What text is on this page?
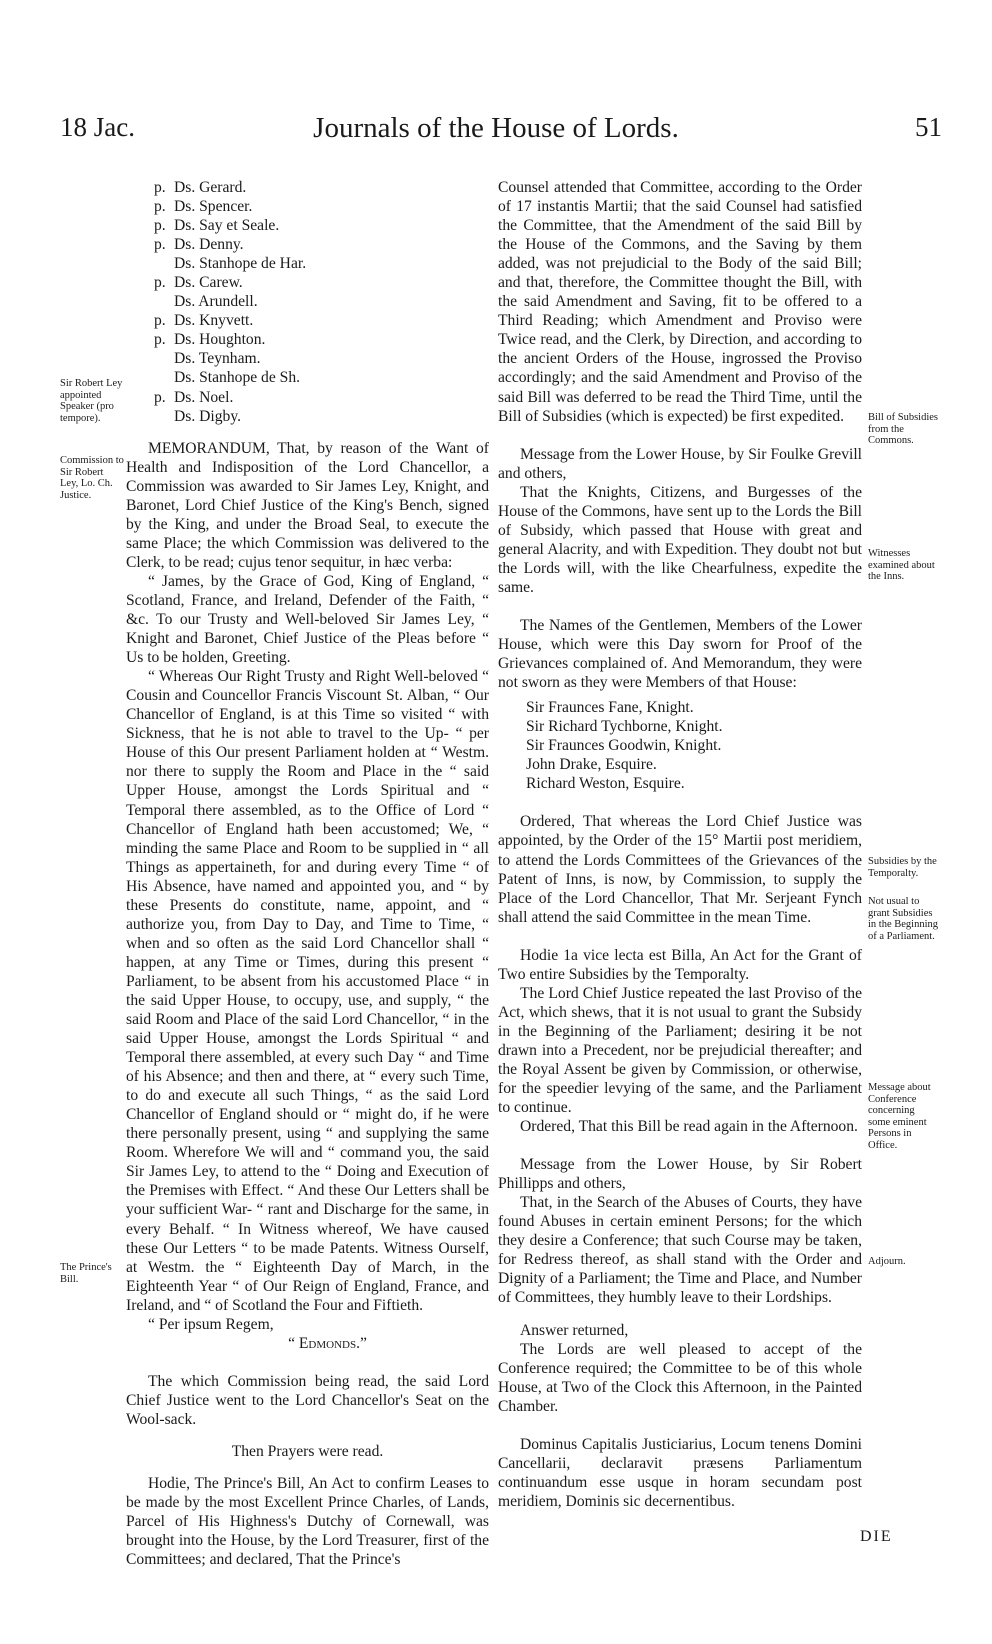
18 Jac.	Journals of the House of Lords.	51
p. Ds. Gerard.
p. Ds. Spencer.
p. Ds. Say et Seale.
p. Ds. Denny.
Ds. Stanhope de Har.
p. Ds. Carew.
Ds. Arundell.
p. Ds. Knyvett.
p. Ds. Houghton.
Ds. Teynham.
Ds. Stanhope de Sh.
p. Ds. Noel.
Ds. Digby.

MEMORANDUM, That, by reason of the Want of Health and Indisposition of the Lord Chancellor, a Commission was awarded to Sir James Ley, Knight, and Baronet, Lord Chief Justice of the King's Bench, signed by the King, and under the Broad Seal, to execute the same Place; the which Commission was delivered to the Clerk, to be read; cujus tenor sequitur, in hæc verba:

“ James, by the Grace of God, King of England, “ Scotland, France, and Ireland, Defender of the Faith, “ &c. To our Trusty and Well-beloved Sir James Ley, “ Knight and Baronet, Chief Justice of the Pleas before “ Us to be holden, Greeting.

“ Whereas Our Right Trusty and Right Well-beloved “ Cousin and Councellor Francis Viscount St. Alban, “ Our Chancellor of England, is at this Time so visited “ with Sickness, that he is not able to travel to the Up- “ per House of this Our present Parliament holden at “ Westm. nor there to supply the Room and Place in the “ said Upper House, amongst the Lords Spiritual and “ Temporal there assembled, as to the Office of Lord “ Chancellor of England hath been accustomed; We, “ minding the same Place and Room to be supplied in “ all Things as appertaineth, for and during every Time “ of His Absence, have named and appointed you, and “ by these Presents do constitute, name, appoint, and “ authorize you, from Day to Day, and Time to Time, “ when and so often as the said Lord Chancellor shall “ happen, at any Time or Times, during this present “ Parliament, to be absent from his accustomed Place “ in the said Upper House, to occupy, use, and supply, “ the said Room and Place of the said Lord Chancellor, “ in the said Upper House, amongst the Lords Spiritual “ and Temporal there assembled, at every such Day “ and Time of his Absence; and then and there, at “ every such Time, to do and execute all such Things, “ as the said Lord Chancellor of England should or “ might do, if he were there personally present, using “ and supplying the same Room. Wherefore We will and “ command you, the said Sir James Ley, to attend to the “ Doing and Execution of the Premises with Effect. “ And these Our Letters shall be your sufficient War- “ rant and Discharge for the same, in every Behalf. “ In Witness whereof, We have caused these Our Letters “ to be made Patents. Witness Ourself, at Westm. the “ Eighteenth Day of March, in the Eighteenth Year “ of Our Reign of England, France, and Ireland, and “ of Scotland the Four and Fiftieth.

“ Per ipsum Regem,

“ Edmonds.”

The which Commission being read, the said Lord Chief Justice went to the Lord Chancellor's Seat on the Wool-sack.

Then Prayers were read.

Hodie, The Prince's Bill, An Act to confirm Leases to be made by the most Excellent Prince Charles, of Lands, Parcel of His Highness's Dutchy of Cornewall, was brought into the House, by the Lord Treasurer, first of the Committees; and declared, That the Prince's

Counsel attended that Committee, according to the Order of 17 instantis Martii; that the said Counsel had satisfied the Committee, that the Amendment of the said Bill by the House of the Commons, and the Saving by them added, was not prejudicial to the Body of the said Bill; and that, therefore, the Committee thought the Bill, with the said Amendment and Saving, fit to be offered to a Third Reading; which Amendment and Proviso were Twice read, and the Clerk, by Direction, and according to the ancient Orders of the House, ingrossed the Proviso accordingly; and the said Amendment and Proviso of the said Bill was deferred to be read the Third Time, until the Bill of Subsidies (which is expected) be first expedited.

Message from the Lower House, by Sir Foulke Grevill and others,

That the Knights, Citizens, and Burgesses of the House of the Commons, have sent up to the Lords the Bill of Subsidy, which passed that House with great and general Alacrity, and with Expedition. They doubt not but the Lords will, with the like Chearfulness, expedite the same.

The Names of the Gentlemen, Members of the Lower House, which were this Day sworn for Proof of the Grievances complained of. And Memorandum, they were not sworn as they were Members of that House:

Sir Fraunces Fane, Knight.
Sir Richard Tychborne, Knight.
Sir Fraunces Goodwin, Knight.
John Drake, Esquire.
Richard Weston, Esquire.

Ordered, That whereas the Lord Chief Justice was appointed, by the Order of the 15° Martii post meridiem, to attend the Lords Committees of the Grievances of the Patent of Inns, is now, by Commission, to supply the Place of the Lord Chancellor, That Mr. Serjeant Fynch shall attend the said Committee in the mean Time.

Hodie 1a vice lecta est Billa, An Act for the Grant of Two entire Subsidies by the Temporalty.

The Lord Chief Justice repeated the last Proviso of the Act, which shews, that it is not usual to grant the Subsidy in the Beginning of the Parliament; desiring it be not drawn into a Precedent, nor be prejudicial thereafter; and the Royal Assent be given by Commission, or otherwise, for the speedier levying of the same, and the Parliament to continue.

Ordered, That this Bill be read again in the Afternoon.

Message from the Lower House, by Sir Robert Phillipps and others,

That, in the Search of the Abuses of Courts, they have found Abuses in certain eminent Persons; for the which they desire a Conference; that such Course may be taken, for Redress thereof, as shall stand with the Order and Dignity of a Parliament; the Time and Place, and Number of Committees, they humbly leave to their Lordships.

Answer returned,

The Lords are well pleased to accept of the Conference required; the Committee to be of this whole House, at Two of the Clock this Afternoon, in the Painted Chamber.

Dominus Capitalis Justiciarius, Locum tenens Domini Cancellarii, declaravit præsens Parliamentum continuandum esse usque in horam secundam post meridiem, Dominis sic decernentibus.

Sir Robert Ley appointed Speaker (pro tempore).
Commission to Sir Robert Ley, Lo. Ch. Justice.
The Prince's Bill.
Bill of Subsidies from the Commons.
Witnesses examined about the Inns.
Subsidies by the Temporalty.
Not usual to grant Subsidies in the Beginning of a Parliament.
Message about Conference concerning some eminent Persons in Office.
Adjourn.
DIE
